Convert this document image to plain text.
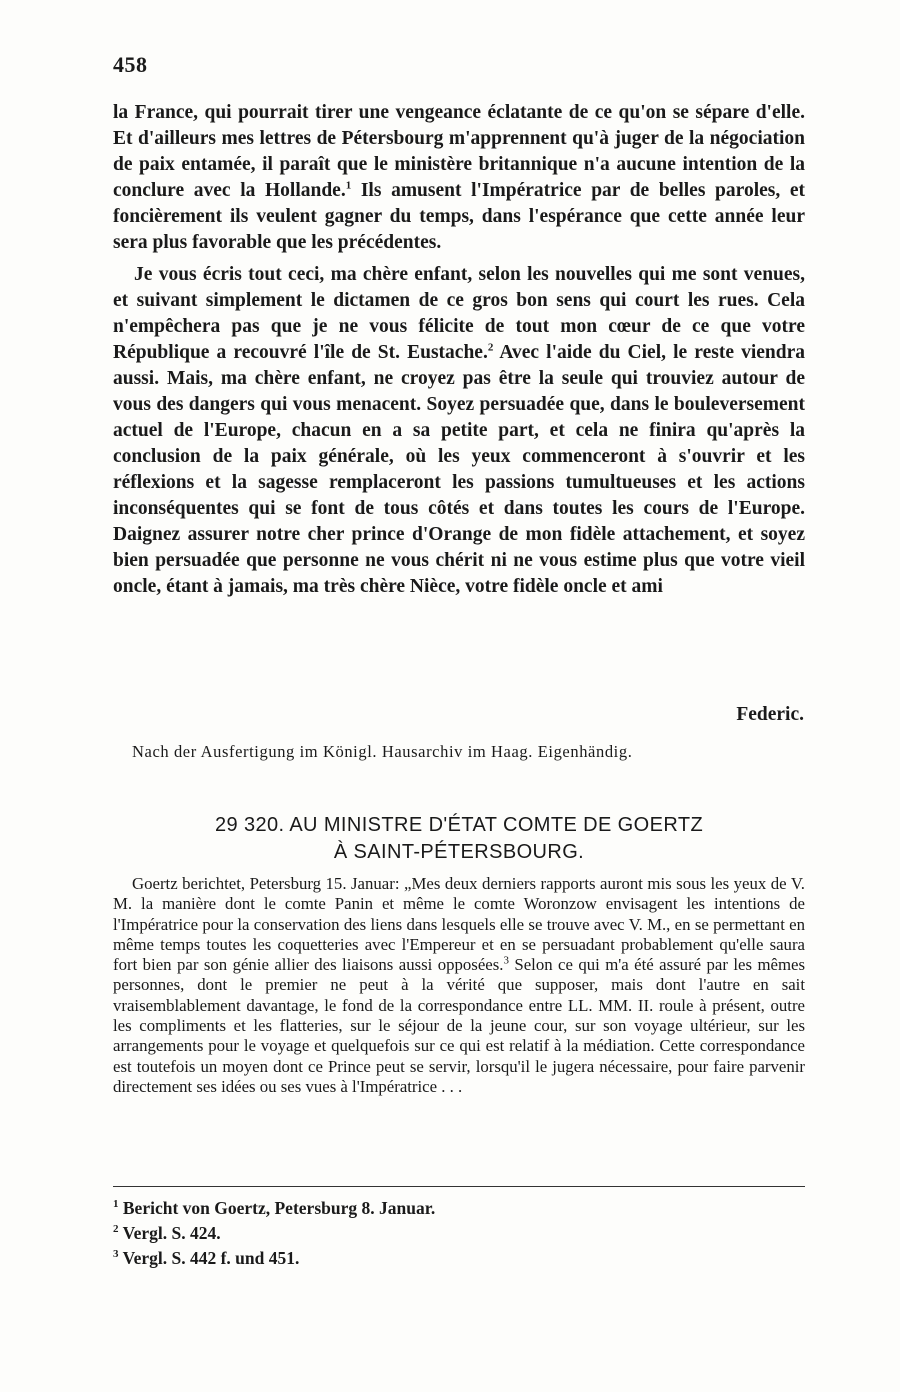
458

la France, qui pourrait tirer une vengeance éclatante de ce qu'on se sépare d'elle. Et d'ailleurs mes lettres de Pétersbourg m'apprennent qu'à juger de la négociation de paix entamée, il paraît que le ministère britannique n'a aucune intention de la conclure avec la Hollande.$^1$ Ils amusent l'Impératrice par de belles paroles, et foncièrement ils veulent gagner du temps, dans l'espérance que cette année leur sera plus favorable que les précédentes.

Je vous écris tout ceci, ma chère enfant, selon les nouvelles qui me sont venues, et suivant simplement le dictamen de ce gros bon sens qui court les rues. Cela n'empêchera pas que je ne vous félicite de tout mon cœur de ce que votre République a recouvré l'île de St. Eustache.$^2$ Avec l'aide du Ciel, le reste viendra aussi. Mais, ma chère enfant, ne croyez pas être la seule qui trouviez autour de vous des dangers qui vous menacent. Soyez persuadée que, dans le bouleversement actuel de l'Europe, chacun en a sa petite part, et cela ne finira qu'après la conclusion de la paix générale, où les yeux commenceront à s'ouvrir et les réflexions et la sagesse remplaceront les passions tumultueuses et les actions inconséquentes qui se font de tous côtés et dans toutes les cours de l'Europe. Daignez assurer notre cher prince d'Orange de mon fidèle attachement, et soyez bien persuadée que personne ne vous chérit ni ne vous estime plus que votre vieil oncle, étant à jamais, ma très chère Nièce, votre fidèle oncle et ami

Federic.
Nach der Ausfertigung im Königl. Hausarchiv im Haag. Eigenhändig.
29 320. AU MINISTRE D'ÉTAT COMTE DE GOERTZ
À SAINT-PÉTERSBOURG.

Goertz berichtet, Petersburg 15. Januar: „Mes deux derniers rapports auront mis sous les yeux de V. M. la manière dont le comte Panin et même le comte Woronzow envisagent les intentions de l'Impératrice pour la conservation des liens dans lesquels elle se trouve avec V. M., en se permettant en même temps toutes les coquetteries avec l'Empereur et en se persuadant probablement qu'elle saura fort bien par son génie allier des liaisons aussi opposées.$^3$ Selon ce qui m'a été assuré par les mêmes personnes, dont le premier ne peut à la vérité que supposer, mais dont l'autre en sait vraisemblablement davantage, le fond de la correspondance entre LL. MM. II. roule à présent, outre les compliments et les flatteries, sur le séjour de la jeune cour, sur son voyage ultérieur, sur les arrangements pour le voyage et quelquefois sur ce qui est relatif à la médiation. Cette correspondance est toutefois un moyen dont ce Prince peut se servir, lorsqu'il le jugera nécessaire, pour faire parvenir directement ses idées ou ses vues à l'Impératrice . . .

$^1$ Bericht von Goertz, Petersburg 8. Januar.
$^2$ Vergl. S. 424.
$^3$ Vergl. S. 442 f. und 451.
